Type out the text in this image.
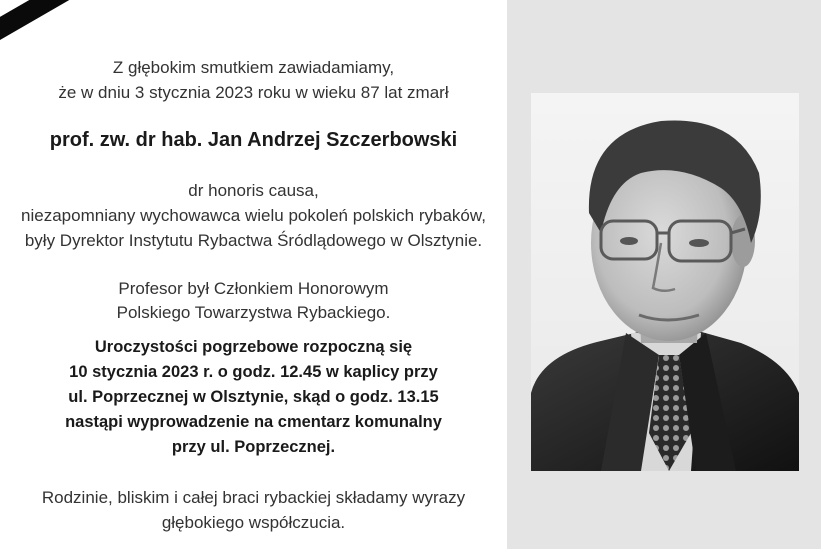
Z głębokim smutkiem zawiadamiamy,
że w dniu 3 stycznia 2023 roku w wieku 87 lat zmarł
prof. zw. dr hab. Jan Andrzej Szczerbowski
dr honoris causa,
niezapomniany wychowawca wielu pokoleń polskich rybaków,
były Dyrektor Instytutu Rybactwa Śródlądowego w Olsztynie.
Profesor był Członkiem Honorowym
Polskiego Towarzystwa Rybackiego.
Uroczystości pogrzebowe rozpoczną się
10 stycznia 2023 r. o godz. 12.45 w kaplicy przy
ul. Poprzecznej w Olsztynie, skąd o godz. 13.15
nastąpi wyprowadzenie na cmentarz komunalny
przy ul. Poprzecznej.
Rodzinie, bliskim i całej braci rybackiej składamy wyrazy
głębokiego współczucia.
